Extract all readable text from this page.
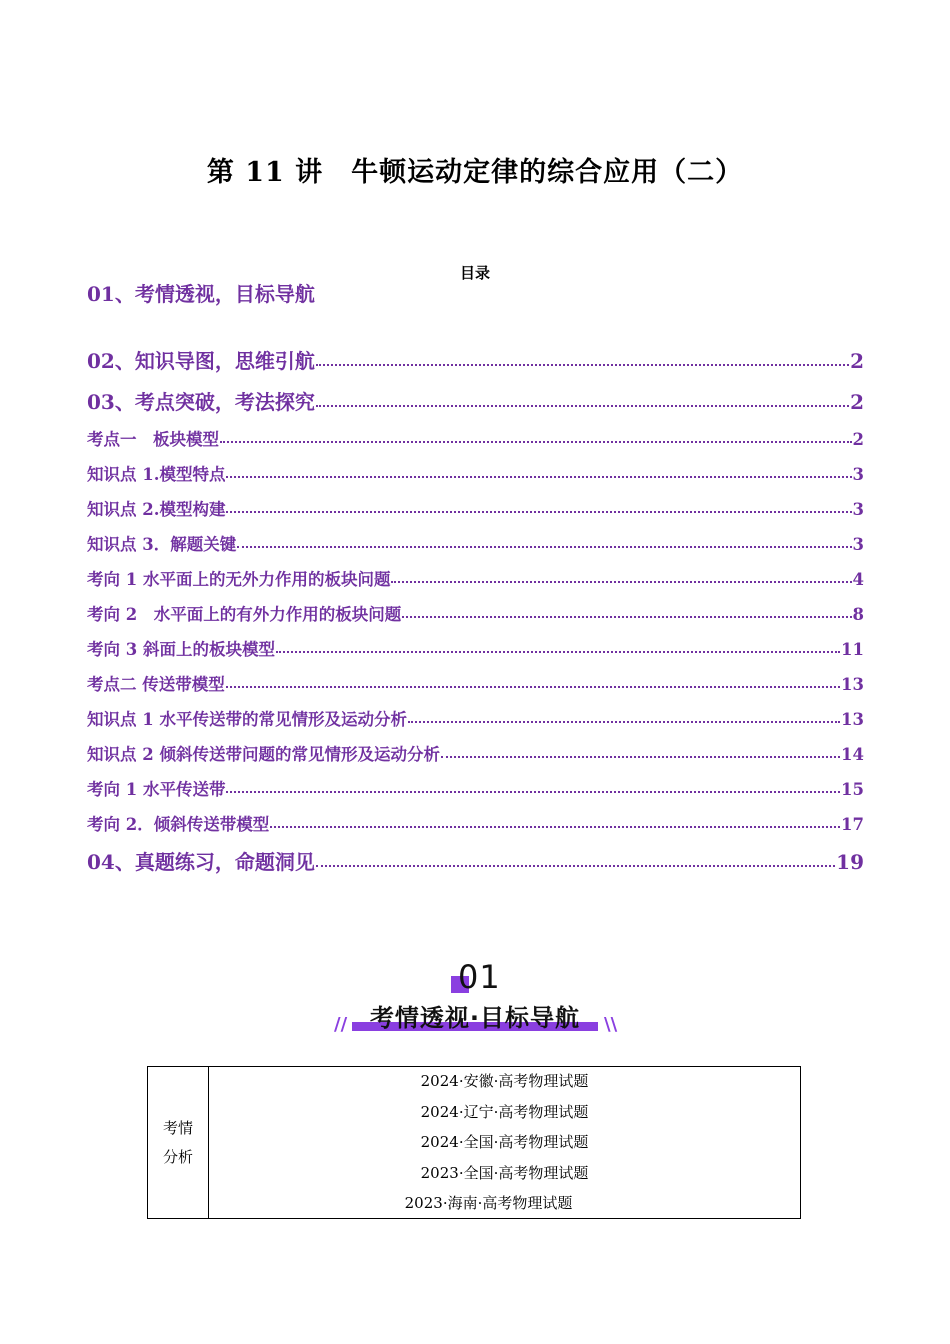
第 11 讲　牛顿运动定律的综合应用（二）
目录
01、考情透视，目标导航
02、知识导图，思维引航	2
03、考点突破，考法探究	2
考点一　板块模型	2
知识点 1.模型特点	3
知识点 2.模型构建	3
知识点 3．解题关键	3
考向 1 水平面上的无外力作用的板块问题	4
考向 2　水平面上的有外力作用的板块问题	8
考向 3 斜面上的板块模型	11
考点二 传送带模型	13
知识点 1 水平传送带的常见情形及运动分析	13
知识点 2 倾斜传送带问题的常见情形及运动分析	14
考向 1 水平传送带	15
考向 2．倾斜传送带模型	17
04、真题练习，命题洞见	19
01
考情透视·目标导航
//	\\
考情
分析
2024·安徽·高考物理试题
2024·辽宁·高考物理试题
2024·全国·高考物理试题
2023·全国·高考物理试题
2023·海南·高考物理试题
